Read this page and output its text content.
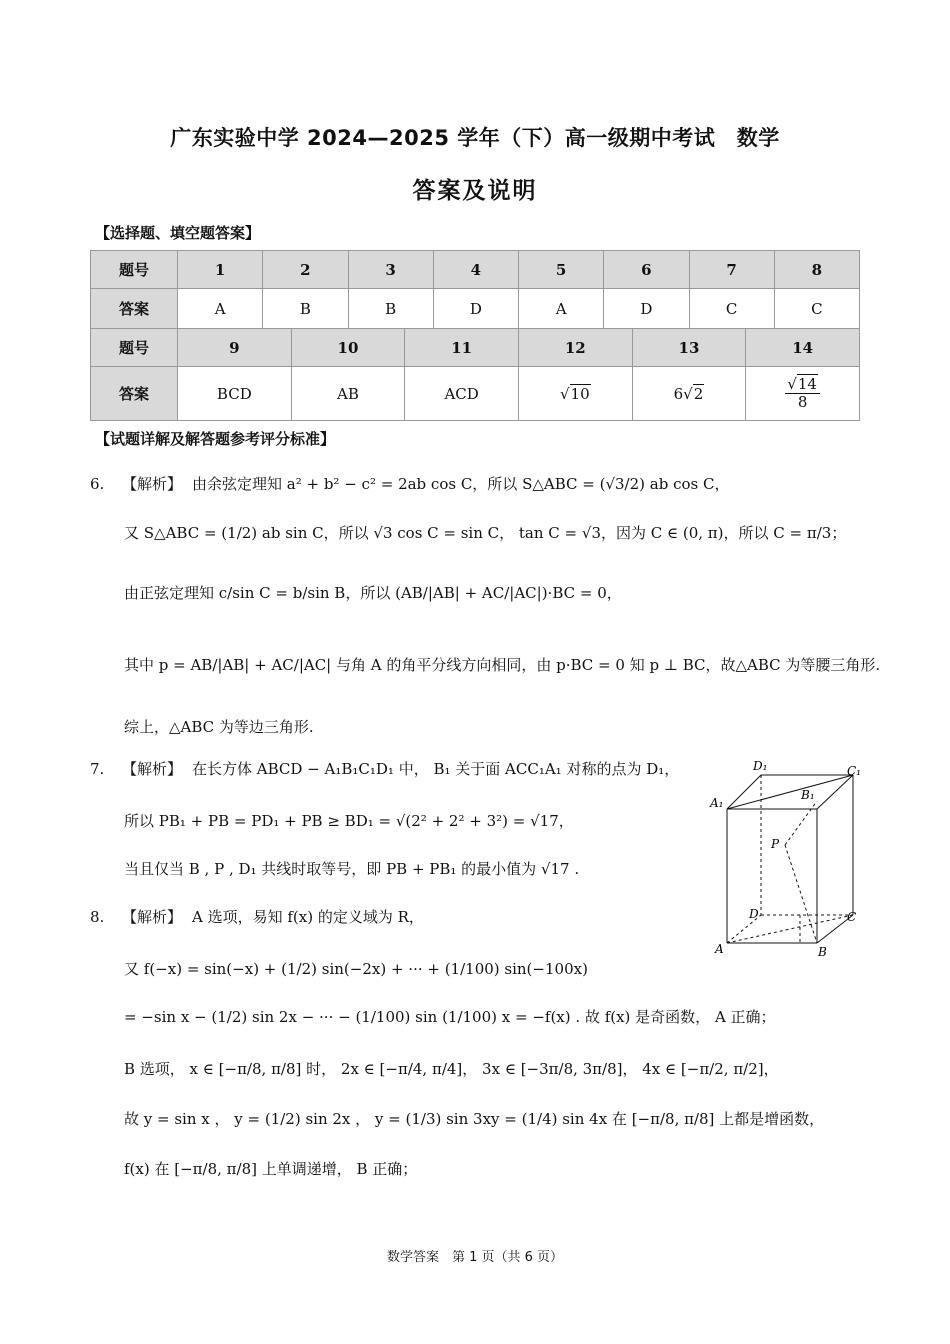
广东实验中学 2024—2025 学年（下）高一级期中考试　数学
答案及说明
【选择题、填空题答案】
题号	1	2	3	4	5	6	7	8
答案	A	B	B	D	A	D	C	C
题号	9	10	11	12	13	14
答案	BCD	AB	ACD	√10	6√2	$\frac{√14}{8}$
【试题详解及解答题参考评分标准】
6. 【解析】 由余弦定理知 a² + b² − c² = 2ab cos C，所以 S△ABC = (√3/2) ab cos C，
又 S△ABC = (1/2) ab sin C，所以 √3 cos C = sin C， tan C = √3，因为 C ∈ (0, π)，所以 C = π/3；
由正弦定理知 c/sin C = b/sin B，所以 (AB/|AB| + AC/|AC|)·BC = 0，
其中 p = AB/|AB| + AC/|AC| 与角 A 的角平分线方向相同，由 p·BC = 0 知 p ⊥ BC，故△ABC 为等腰三角形.
综上，△ABC 为等边三角形.
7. 【解析】 在长方体 ABCD − A₁B₁C₁D₁ 中， B₁ 关于面 ACC₁A₁ 对称的点为 D₁，
所以 PB₁ + PB = PD₁ + PB ≥ BD₁ = √(2² + 2² + 3²) = √17，
当且仅当 B , P , D₁ 共线时取等号，即 PB + PB₁ 的最小值为 √17 .
8. 【解析】 A 选项，易知 f(x) 的定义域为 R，
又 f(−x) = sin(−x) + (1/2) sin(−2x) + ··· + (1/100) sin(−100x)
= −sin x − (1/2) sin 2x − ··· − (1/100) sin (1/100) x = −f(x) . 故 f(x) 是奇函数， A 正确；
B 选项， x ∈ [−π/8, π/8] 时， 2x ∈ [−π/4, π/4]， 3x ∈ [−3π/8, 3π/8]， 4x ∈ [−π/2, π/2]，
故 y = sin x ， y = (1/2) sin 2x ， y = (1/3) sin 3xy = (1/4) sin 4x 在 [−π/8, π/8] 上都是增函数，
f(x) 在 [−π/8, π/8] 上单调递增， B 正确；
D₁	C₁
A₁
B₁
P
D	C
A	B
数学答案　第 1 页（共 6 页）
